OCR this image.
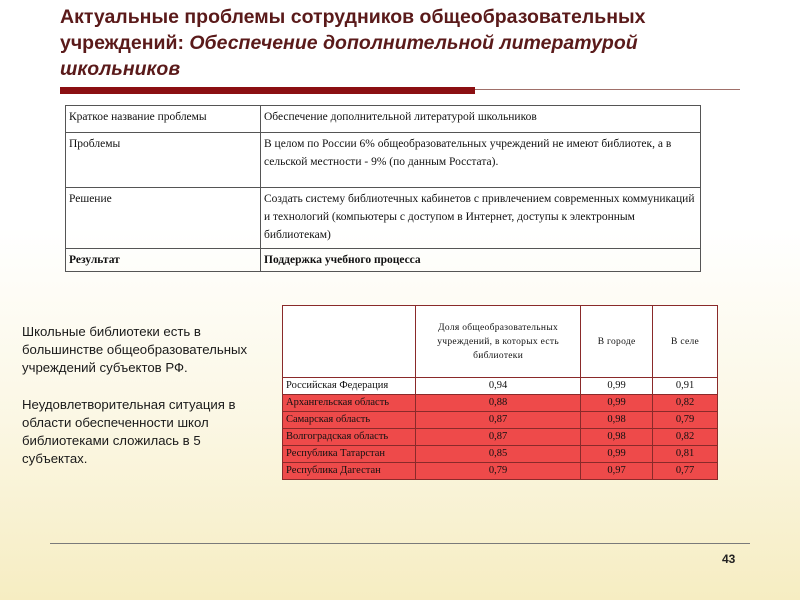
Актуальные проблемы сотрудников общеобразовательных
учреждений: Обеспечение дополнительной литературой
школьников
Краткое название проблемы	Обеспечение дополнительной литературой школьников
Проблемы	В целом по России 6% общеобразовательных учреждений не имеют библиотек, а в сельской местности - 9% (по данным Росстата).
Решение	Создать систему библиотечных кабинетов с привлечением современных коммуникаций и технологий (компьютеры с доступом в Интернет, доступы к электронным библиотекам)
Результат	Поддержка учебного процесса

Школьные библиотеки есть в большинстве общеобразовательных учреждений субъектов РФ.

Неудовлетворительная ситуация в области обеспеченности школ библиотеками сложилась в 5 субъектах.

	Доля общеобразовательных учреждений, в которых есть библиотеки	В городе	В селе
Российская Федерация	0,94	0,99	0,91
Архангельская область	0,88	0,99	0,82
Самарская область	0,87	0,98	0,79
Волгоградская область	0,87	0,98	0,82
Республика Татарстан	0,85	0,99	0,81
Республика Дагестан	0,79	0,97	0,77
43
